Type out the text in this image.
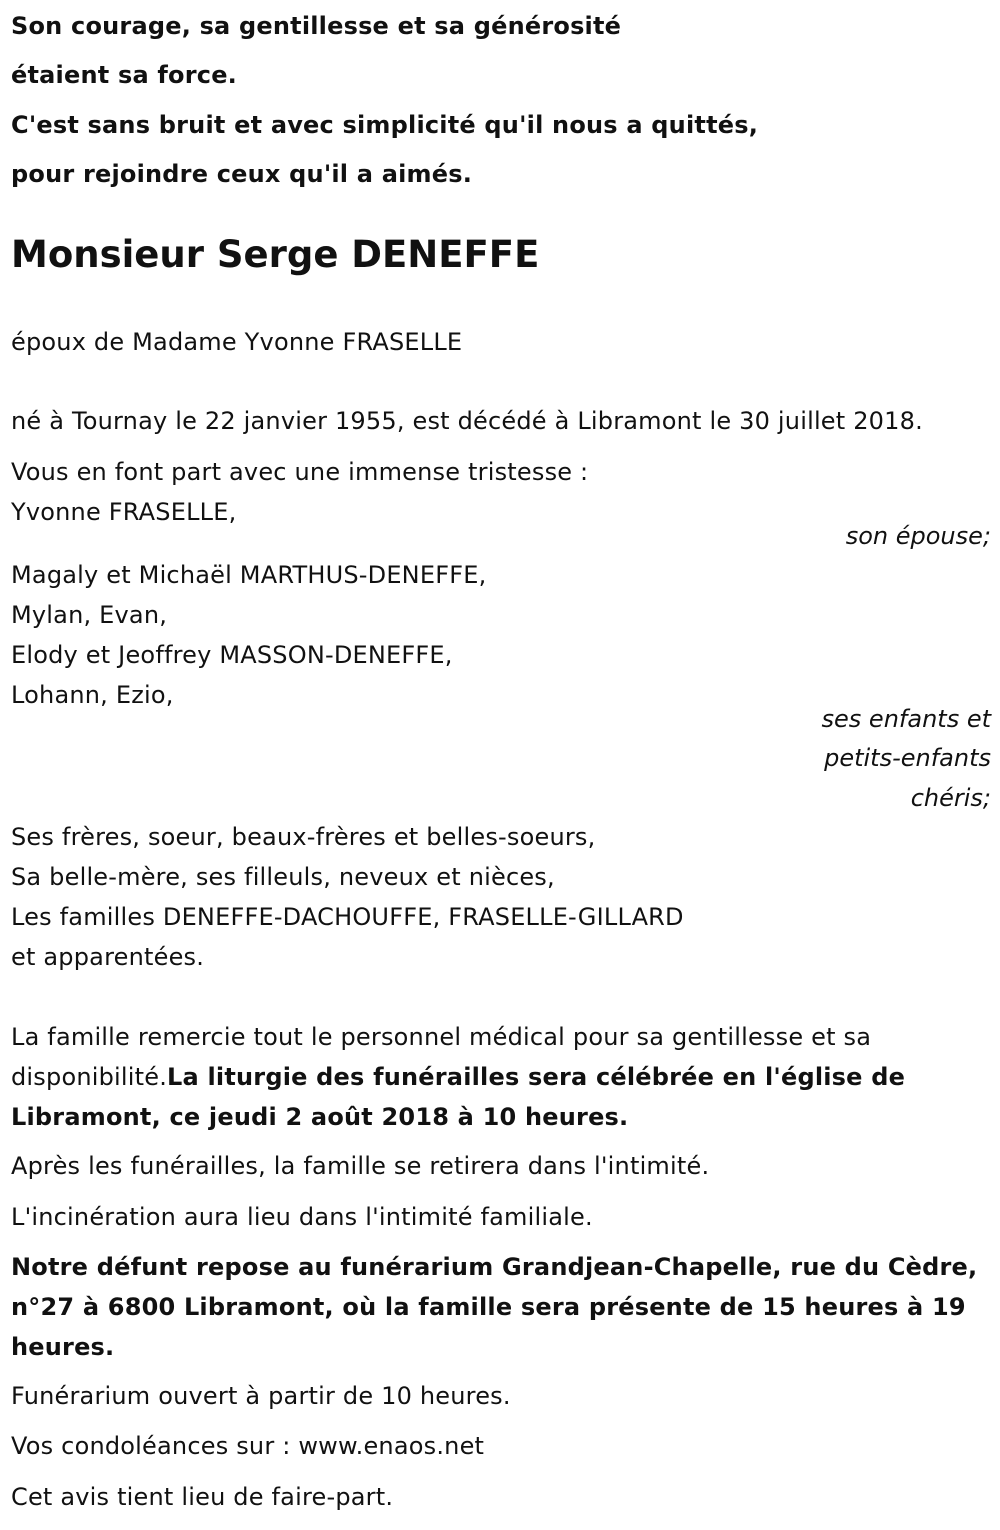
Son courage, sa gentillesse et sa générosité
étaient sa force.
C'est sans bruit et avec simplicité qu'il nous a quittés,
pour rejoindre ceux qu'il a aimés.
Monsieur Serge DENEFFE
époux de Madame Yvonne FRASELLE
né à Tournay le 22 janvier 1955, est décédé à Libramont le 30 juillet 2018.
Vous en font part avec une immense tristesse :
Yvonne FRASELLE,
son épouse;
Magaly et Michaël MARTHUS-DENEFFE,
Mylan, Evan,
Elody et Jeoffrey MASSON-DENEFFE,
Lohann, Ezio,
ses enfants et
petits-enfants
chéris;
Ses frères, soeur, beaux-frères et belles-soeurs,
Sa belle-mère, ses filleuls, neveux et nièces,
Les familles DENEFFE-DACHOUFFE, FRASELLE-GILLARD
et apparentées.
La famille remercie tout le personnel médical pour sa gentillesse et sa
disponibilité.La liturgie des funérailles sera célébrée en l'église de
Libramont, ce jeudi 2 août 2018 à 10 heures.
Après les funérailles, la famille se retirera dans l'intimité.
L'incinération aura lieu dans l'intimité familiale.
Notre défunt repose au funérarium Grandjean-Chapelle, rue du Cèdre,
n°27 à 6800 Libramont, où la famille sera présente de 15 heures à 19
heures.
Funérarium ouvert à partir de 10 heures.
Vos condoléances sur : www.enaos.net
Cet avis tient lieu de faire-part.
